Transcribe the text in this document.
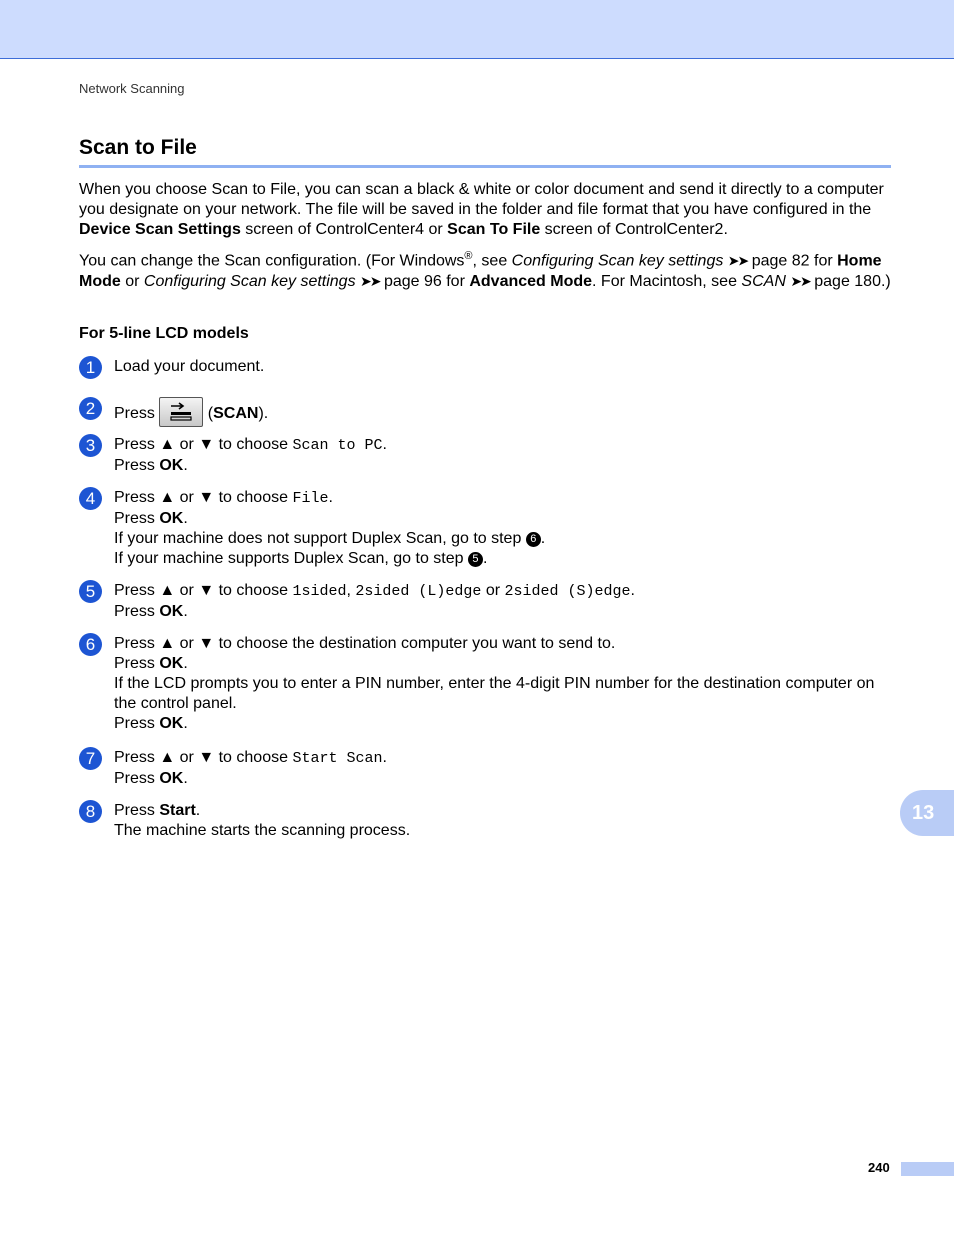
Network Scanning
Scan to File
When you choose Scan to File, you can scan a black & white or color document and send it directly to a computer you designate on your network. The file will be saved in the folder and file format that you have configured in the Device Scan Settings screen of ControlCenter4 or Scan To File screen of ControlCenter2.
You can change the Scan configuration. (For Windows®, see Configuring Scan key settings ➤➤ page 82 for Home Mode or Configuring Scan key settings ➤➤ page 96 for Advanced Mode. For Macintosh, see SCAN ➤➤ page 180.)
For 5-line LCD models
1	Load your document.
2	Press	(SCAN).
3	Press ▲ or ▼ to choose Scan to PC.
Press OK.
4	Press ▲ or ▼ to choose File.
Press OK.
If your machine does not support Duplex Scan, go to step 6 .
If your machine supports Duplex Scan, go to step 5 .
5	Press ▲ or ▼ to choose 1sided, 2sided (L)edge or 2sided (S)edge.
Press OK.
6	Press ▲ or ▼ to choose the destination computer you want to send to.
Press OK.
If the LCD prompts you to enter a PIN number, enter the 4-digit PIN number for the destination computer on the control panel.
Press OK.
7	Press ▲ or ▼ to choose Start Scan.
Press OK.
8	Press Start.
The machine starts the scanning process.
13
240
